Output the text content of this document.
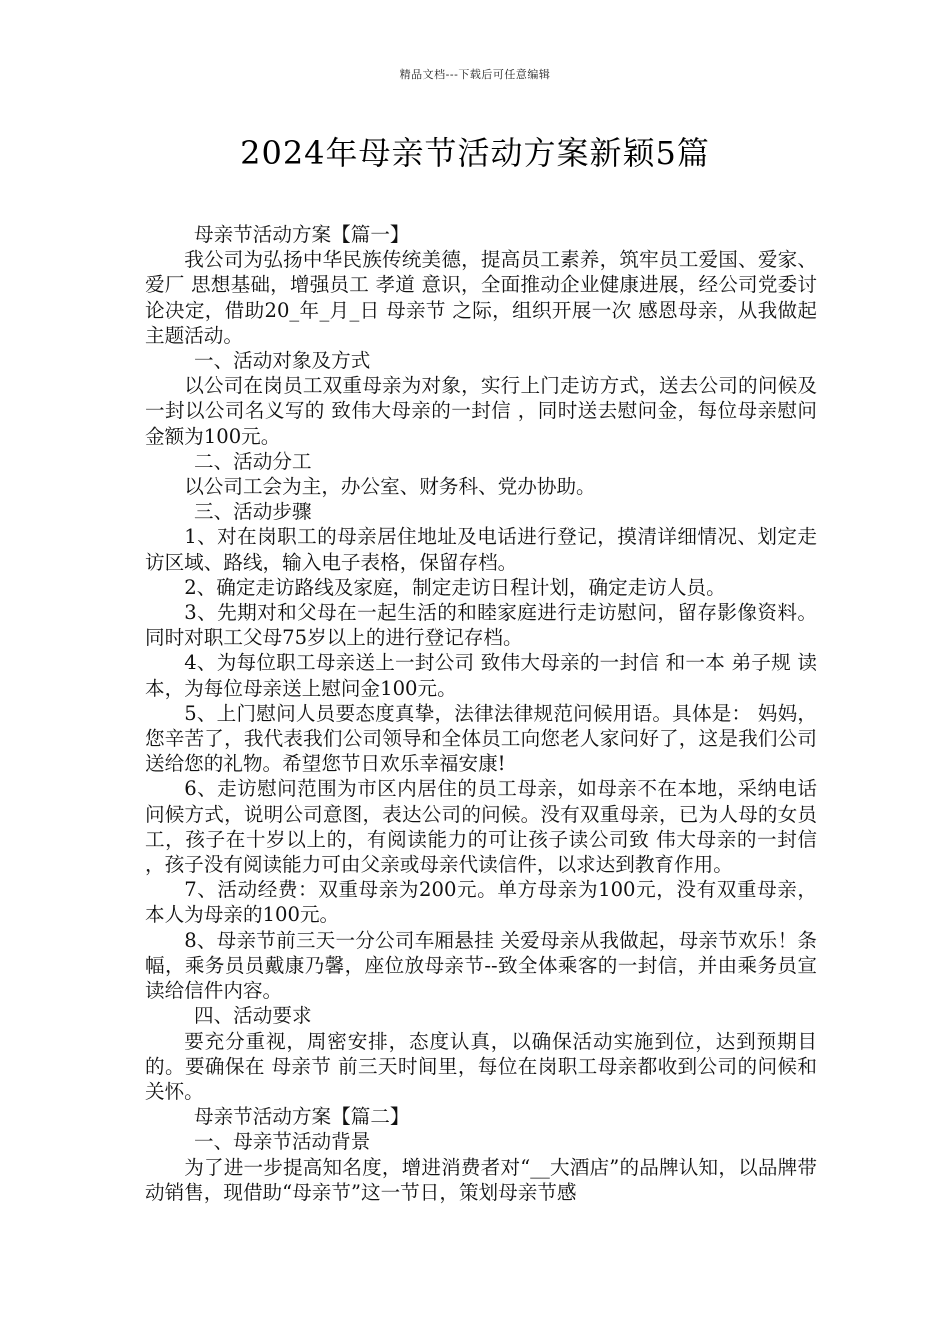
精品文档---下载后可任意编辑
2024年母亲节活动方案新颖5篇

母亲节活动方案【篇一】

我公司为弘扬中华民族传统美德，提高员工素养，筑牢员工爱国、爱家、爱厂 思想基础，增强员工 孝道 意识，全面推动企业健康进展，经公司党委讨论决定，借助20_年_月_日 母亲节 之际，组织开展一次 感恩母亲，从我做起 主题活动。

一、活动对象及方式

以公司在岗员工双重母亲为对象，实行上门走访方式，送去公司的问候及一封以公司名义写的 致伟大母亲的一封信 ，同时送去慰问金，每位母亲慰问金额为100元。

二、活动分工

以公司工会为主，办公室、财务科、党办协助。

三、活动步骤

1、对在岗职工的母亲居住地址及电话进行登记，摸清详细情况、划定走访区域、路线，输入电子表格，保留存档。

2、确定走访路线及家庭，制定走访日程计划，确定走访人员。

3、先期对和父母在一起生活的和睦家庭进行走访慰问，留存影像资料。同时对职工父母75岁以上的进行登记存档。

4、为每位职工母亲送上一封公司 致伟大母亲的一封信 和一本 弟子规 读本，为每位母亲送上慰问金100元。

5、上门慰问人员要态度真挚，法律法律规范问候用语。具体是： 妈妈，您辛苦了，我代表我们公司领导和全体员工向您老人家问好了，这是我们公司送给您的礼物。希望您节日欢乐幸福安康!

6、走访慰问范围为市区内居住的员工母亲，如母亲不在本地，采纳电话问候方式，说明公司意图，表达公司的问候。没有双重母亲，已为人母的女员工，孩子在十岁以上的，有阅读能力的可让孩子读公司致 伟大母亲的一封信 ，孩子没有阅读能力可由父亲或母亲代读信件，以求达到教育作用。

7、活动经费：双重母亲为200元。单方母亲为100元，没有双重母亲，本人为母亲的100元。

8、母亲节前三天一分公司车厢悬挂 关爱母亲从我做起，母亲节欢乐！条幅，乘务员员戴康乃馨，座位放母亲节--致全体乘客的一封信，并由乘务员宣读给信件内容。

四、活动要求

要充分重视，周密安排，态度认真，以确保活动实施到位，达到预期目的。要确保在 母亲节 前三天时间里，每位在岗职工母亲都收到公司的问候和关怀。

母亲节活动方案【篇二】

一、母亲节活动背景

为了进一步提高知名度，增进消费者对“__大酒店”的品牌认知，以品牌带动销售，现借助“母亲节”这一节日，策划母亲节感
